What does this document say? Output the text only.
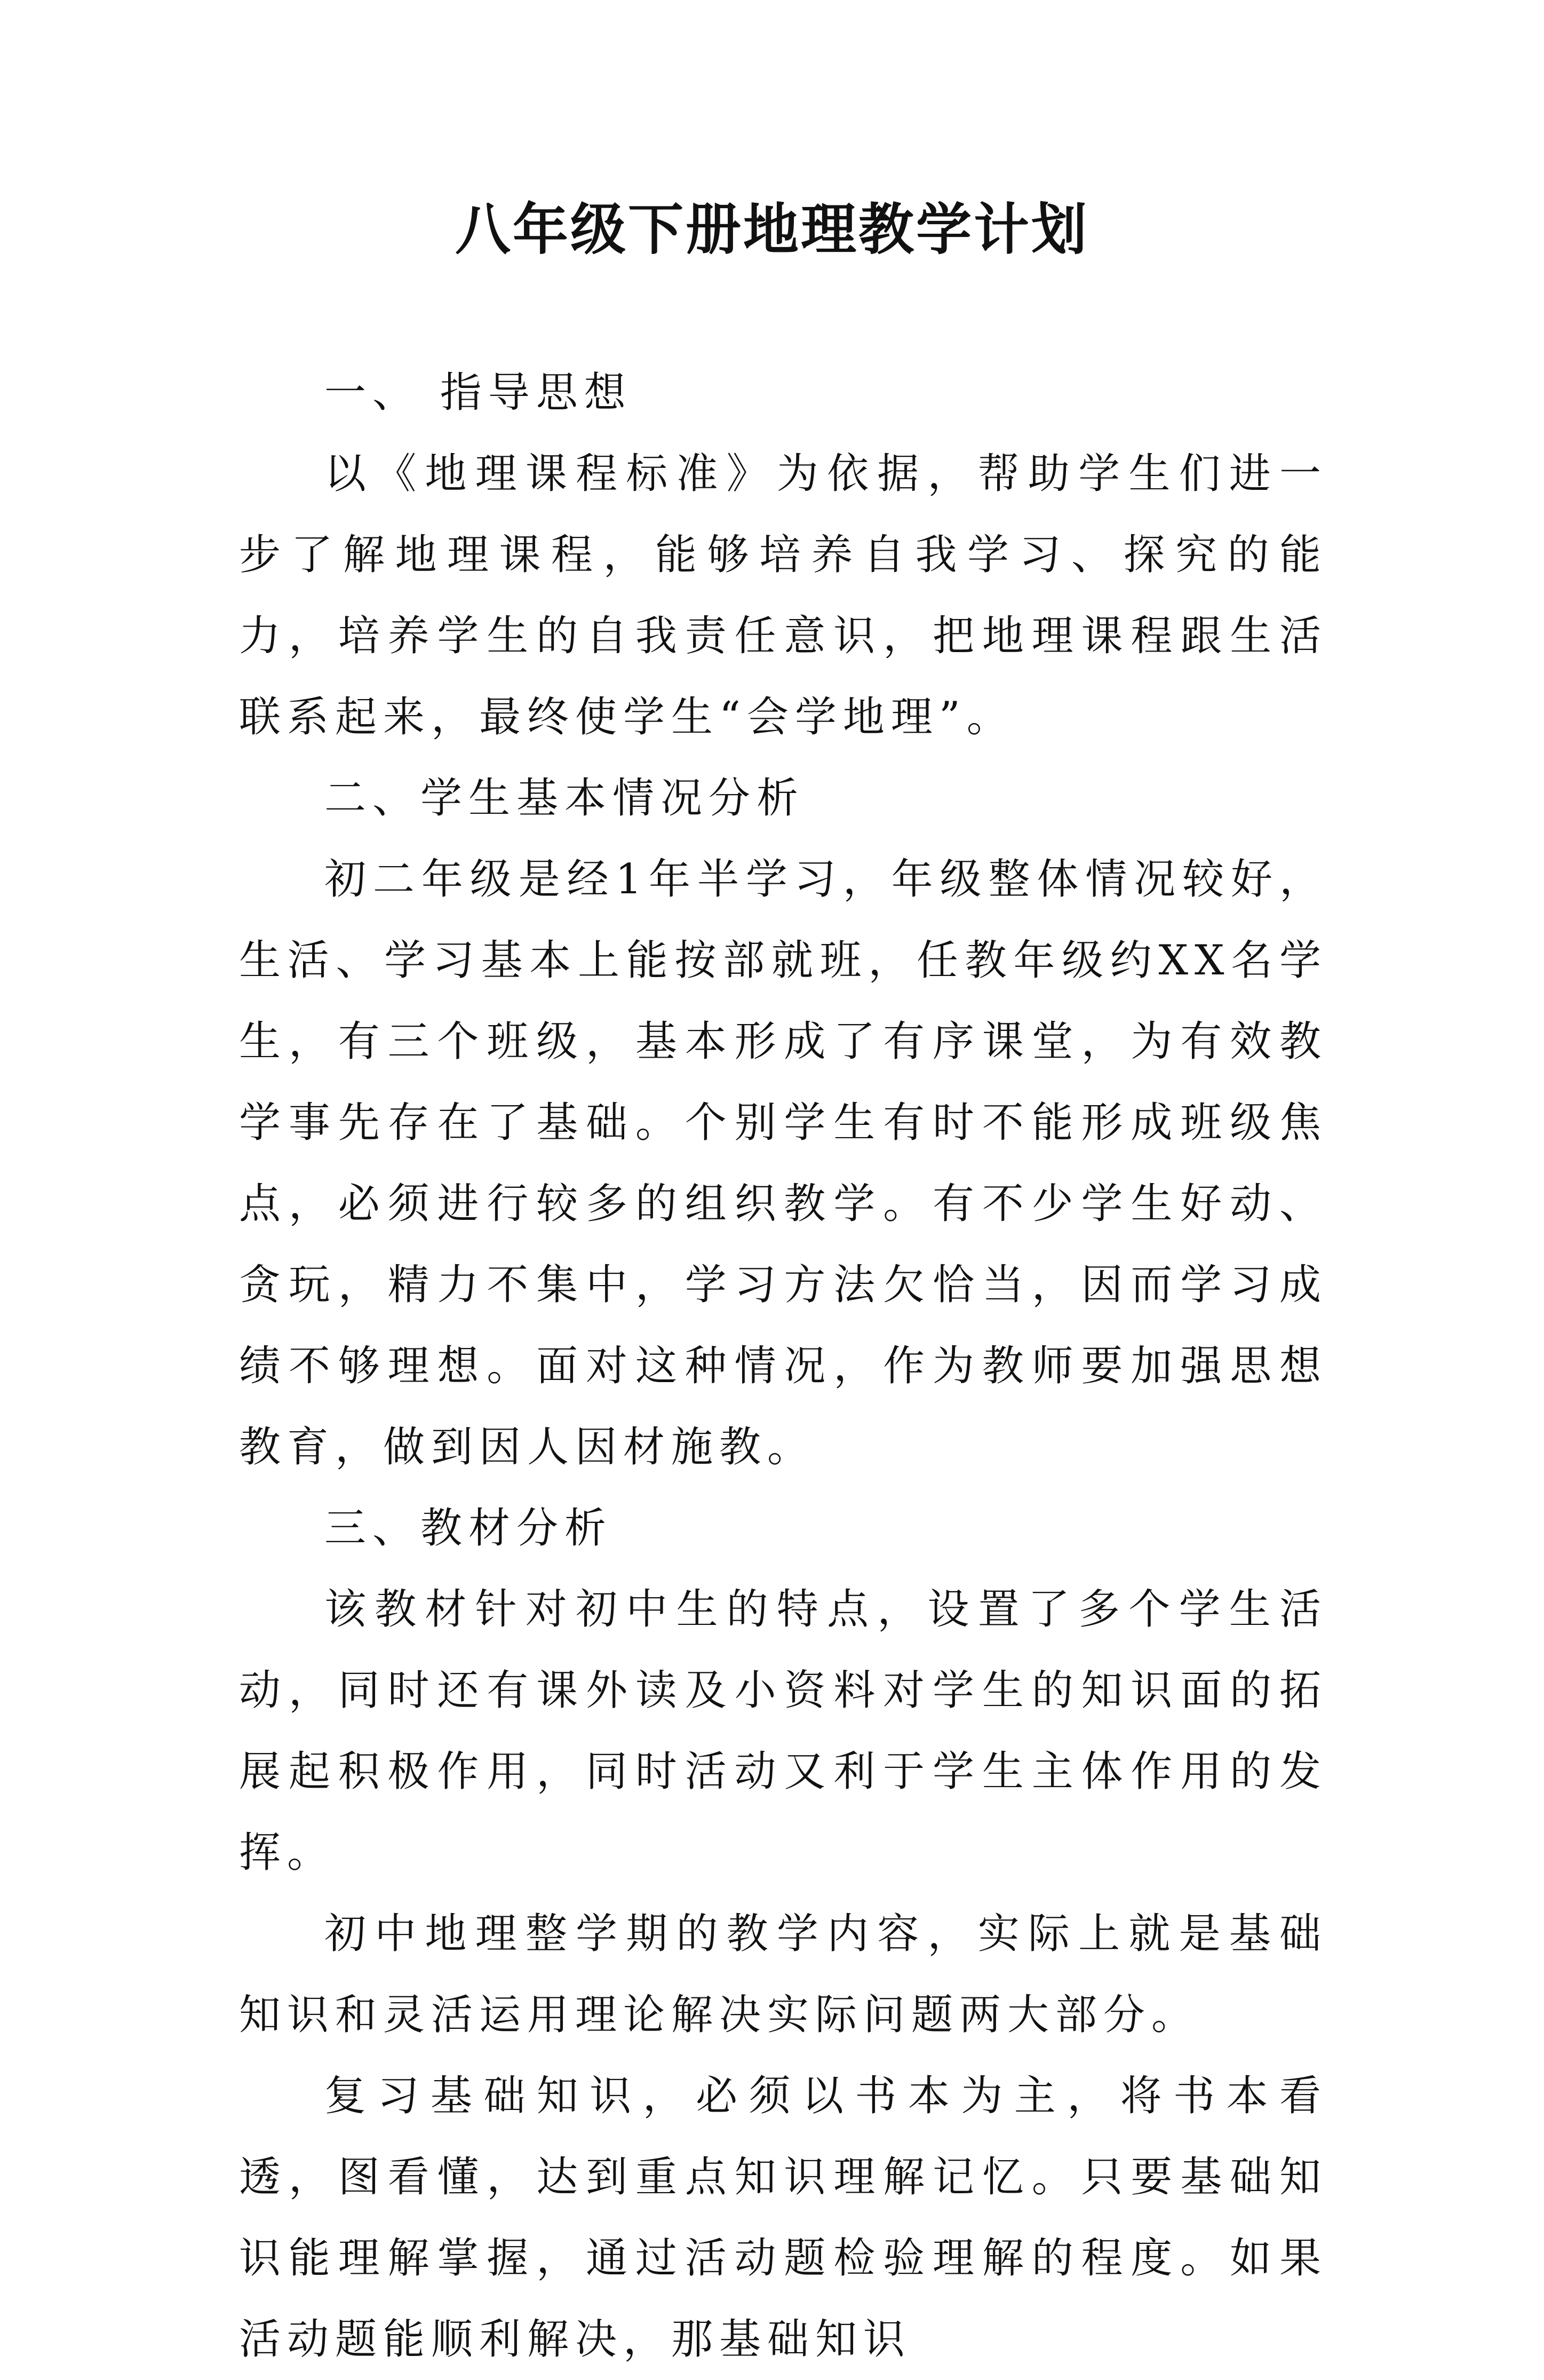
八年级下册地理教学计划

一、 指导思想

以《地理课程标准》为依据，帮助学生们进一步了解地理课程，能够培养自我学习、探究的能力，培养学生的自我责任意识，把地理课程跟生活联系起来，最终使学生“会学地理”。

二、学生基本情况分析

初二年级是经1年半学习，年级整体情况较好，生活、学习基本上能按部就班，任教年级约XX名学生，有三个班级，基本形成了有序课堂，为有效教学事先存在了基础。个别学生有时不能形成班级焦点，必须进行较多的组织教学。有不少学生好动、贪玩，精力不集中，学习方法欠恰当，因而学习成绩不够理想。面对这种情况，作为教师要加强思想教育，做到因人因材施教。

三、教材分析

该教材针对初中生的特点，设置了多个学生活动，同时还有课外读及小资料对学生的知识面的拓展起积极作用，同时活动又利于学生主体作用的发挥。

初中地理整学期的教学内容，实际上就是基础知识和灵活运用理论解决实际问题两大部分。

复习基础知识，必须以书本为主，将书本看透，图看懂，达到重点知识理解记忆。只要基础知识能理解掌握，通过活动题检验理解的程度。如果活动题能顺利解决，那基础知识
